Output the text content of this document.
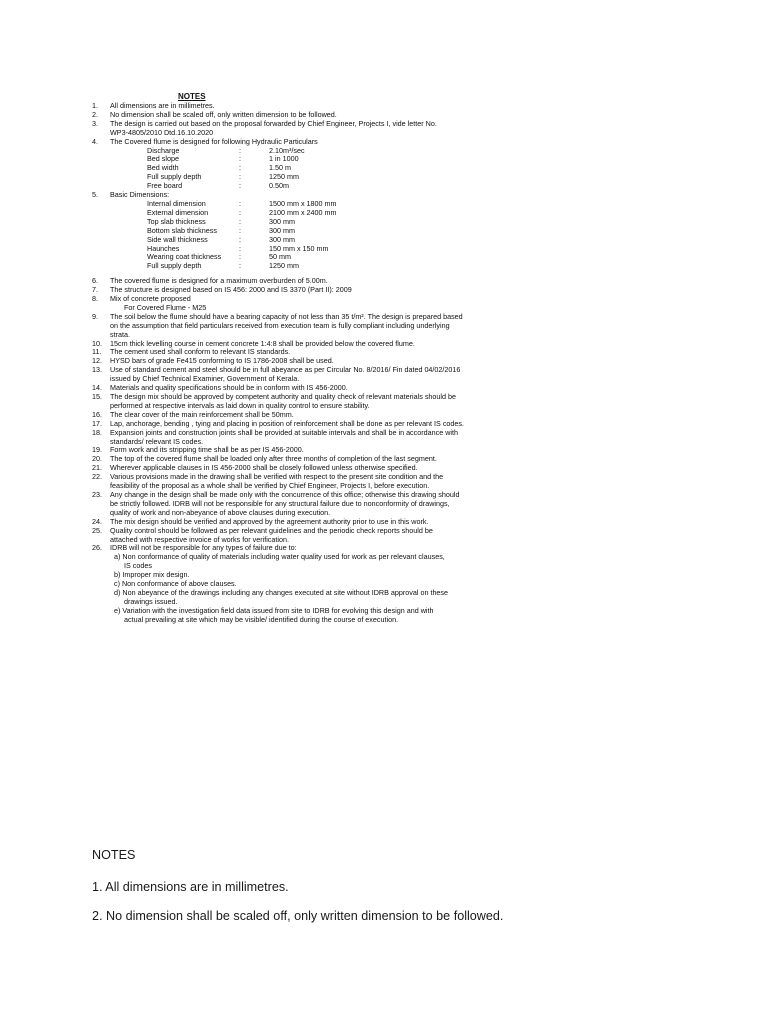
NOTES
1.	All dimensions are in millimetres.
2.	No dimension shall be scaled off, only written dimension to be followed.
3.	The design is carried out based on the proposal forwarded by Chief Engineer, Projects I, vide letter No.
WP3-4805/2010 Dtd.16.10.2020
4.	The Covered flume is designed for following Hydraulic Particulars
Discharge	:	2.10m³/sec
Bed slope	:	1 in 1000
Bed width	:	1.50 m
Full supply depth	:	1250 mm
Free board	:	0.50m
5.	Basic Dimensions:
Internal dimension	:	1500 mm x 1800 mm
External dimension	:	2100 mm x 2400 mm
Top slab thickness	:	300 mm
Bottom slab thickness	:	300 mm
Side wall thickness	:	300 mm
Haunches	:	150 mm x 150 mm
Wearing coat thickness	:	50 mm
Full supply depth	:	1250 mm
6.	The covered flume is designed for a maximum overburden of 5.00m.
7.	The structure is designed based on IS 456: 2000 and IS 3370 (Part II): 2009
8.	Mix of concrete proposed
For Covered Flume - M25
9.	The soil below the flume should have a bearing capacity of not less than 35 t/m². The design is prepared based
on the assumption that field particulars received from execution team is fully compliant including underlying
strata.
10.	15cm thick levelling course in cement concrete 1:4:8 shall be provided below the covered flume.
11.	The cement used shall conform to relevant IS standards.
12.	HYSD bars of grade Fe415 conforming to IS 1786-2008 shall be used.
13.	Use of standard cement and steel should be in full abeyance as per Circular No. 8/2016/ Fin dated 04/02/2016
issued by Chief Technical Examiner, Government of Kerala.
14.	Materials and quality specifications should be in conform with IS 456-2000.
15.	The design mix should be approved by competent authority and quality check of relevant materials should be
performed at respective intervals as laid down in quality control to ensure stability.
16.	The clear cover of the main reinforcement shall be 50mm.
17.	Lap, anchorage, bending , tying and placing in position of reinforcement shall be done as per relevant IS codes.
18.	Expansion joints and construction joints shall be provided at suitable intervals and shall be in accordance with
standards/ relevant IS codes.
19.	Form work and its stripping time shall be as per IS 456-2000.
20.	The top of the covered flume shall be loaded only after three months of completion of the last segment.
21.	Wherever applicable clauses in IS 456-2000 shall be closely followed unless otherwise specified.
22.	Various provisions made in the drawing shall be verified with respect to the present site condition and the
feasibility of the proposal as a whole shall be verified by Chief Engineer, Projects I, before execution.
23.	Any change in the design shall be made only with the concurrence of this office; otherwise this drawing should
be strictly followed. IDRB will not be responsible for any structural failure due to nonconformity of drawings,
quality of work and non-abeyance of above clauses during execution.
24.	The mix design should be verified and approved by the agreement authority prior to use in this work.
25.	Quality control should be followed as per relevant guidelines and the periodic check reports should be
attached with respective invoice of works for verification.
26.	IDRB will not be responsible for any types of failure due to:
a) Non conformance of quality of materials including water quality used for work as per relevant clauses,
IS codes
b) Improper mix design.
c) Non conformance of above clauses.
d) Non abeyance of the drawings including any changes executed at site without IDRB approval on these
drawings issued.
e) Variation with the investigation field data issued from site to IDRB for evolving this design and with
actual prevailing at site which may be visible/ identified during the course of execution.

NOTES

1. All dimensions are in millimetres.

2. No dimension shall be scaled off, only written dimension to be followed.
